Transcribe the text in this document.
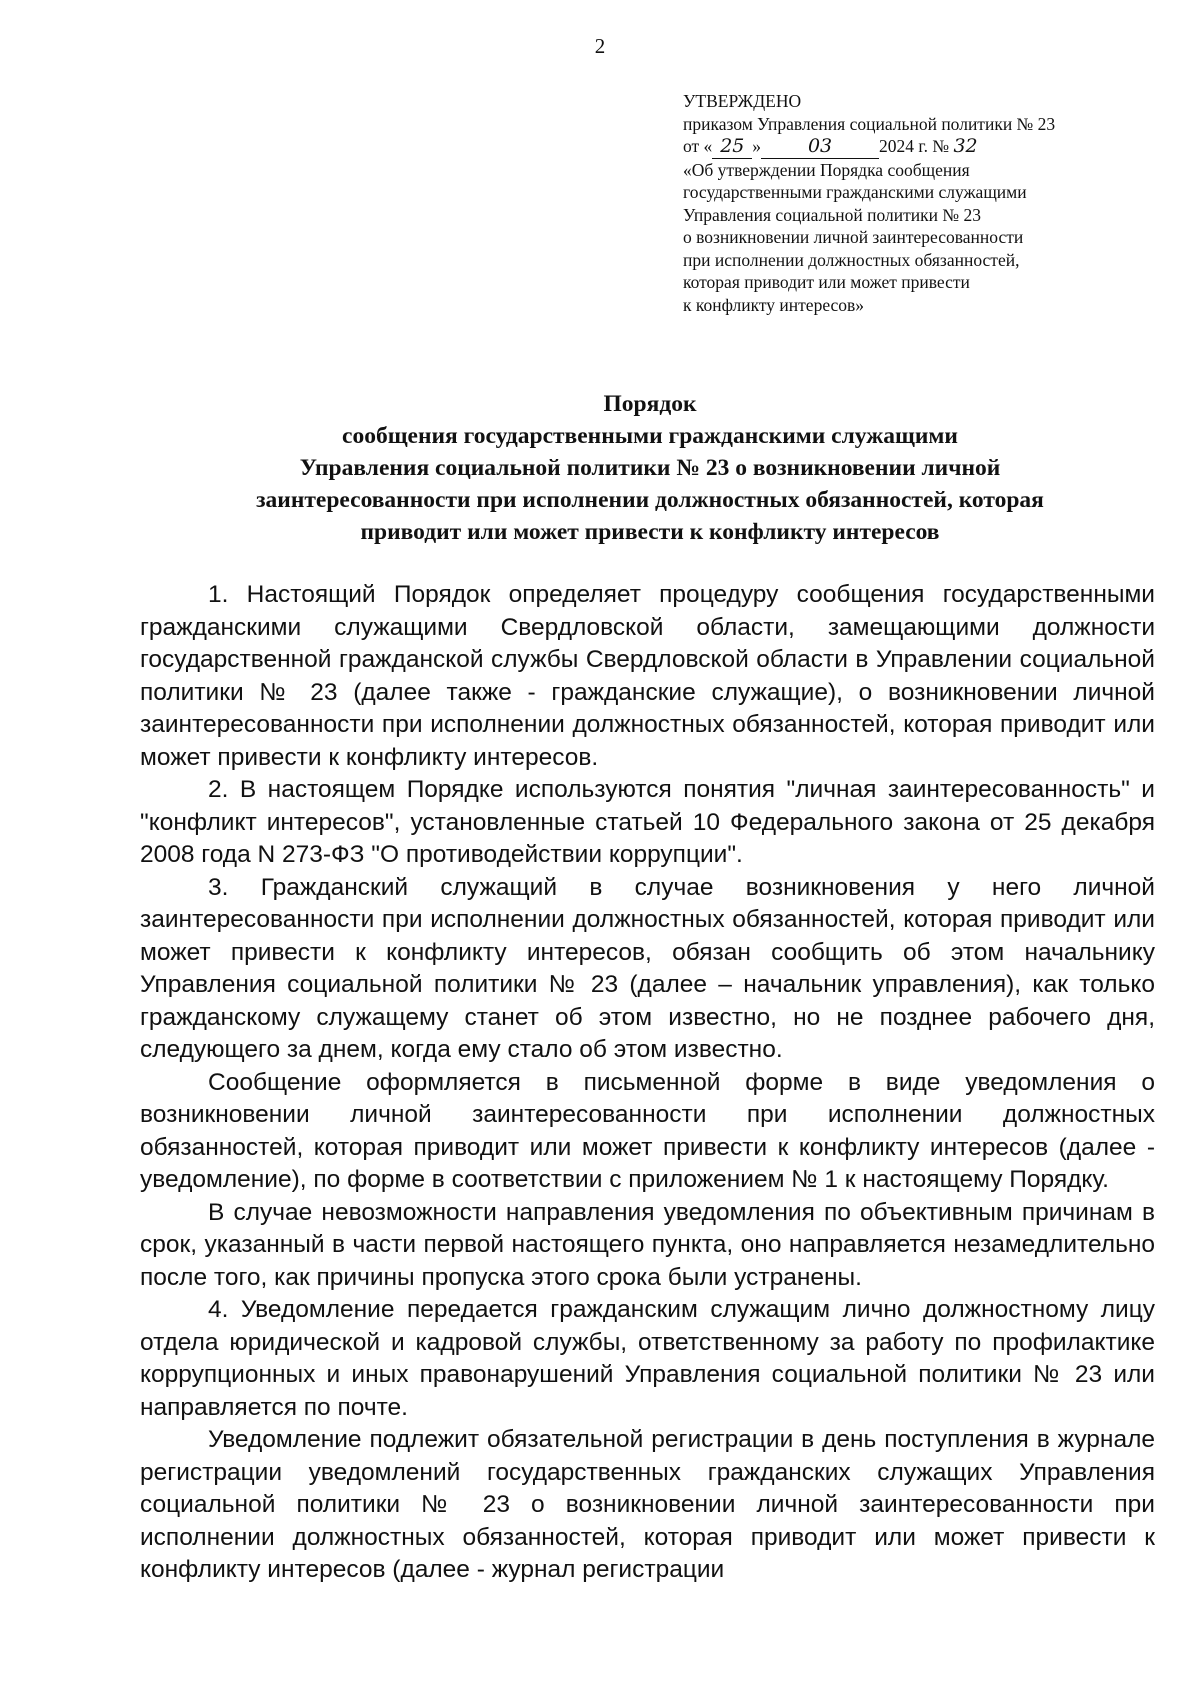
2
УТВЕРЖДЕНО
приказом Управления социальной политики № 23
от « 25 » 03	2024 г. № 32
«Об утверждении Порядка сообщения
государственными гражданскими служащими
Управления социальной политики № 23
о возникновении личной заинтересованности
при исполнении должностных обязанностей,
которая приводит или может привести
к конфликту интересов»
Порядок
сообщения государственными гражданскими служащими
Управления социальной политики № 23 о возникновении личной
заинтересованности при исполнении должностных обязанностей, которая
приводит или может привести к конфликту интересов

1. Настоящий Порядок определяет процедуру сообщения государственными гражданскими служащими Свердловской области, замещающими должности государственной гражданской службы Свердловской области в Управлении социальной политики № 23 (далее также - гражданские служащие), о возникновении личной заинтересованности при исполнении должностных обязанностей, которая приводит или может привести к конфликту интересов.

2. В настоящем Порядке используются понятия "личная заинтересованность" и "конфликт интересов", установленные статьей 10 Федерального закона от 25 декабря 2008 года N 273-ФЗ "О противодействии коррупции".

3. Гражданский служащий в случае возникновения у него личной заинтересованности при исполнении должностных обязанностей, которая приводит или может привести к конфликту интересов, обязан сообщить об этом начальнику Управления социальной политики № 23 (далее – начальник управления), как только гражданскому служащему станет об этом известно, но не позднее рабочего дня, следующего за днем, когда ему стало об этом известно.

Сообщение оформляется в письменной форме в виде уведомления о возникновении личной заинтересованности при исполнении должностных обязанностей, которая приводит или может привести к конфликту интересов (далее - уведомление), по форме в соответствии с приложением № 1 к настоящему Порядку.

В случае невозможности направления уведомления по объективным причинам в срок, указанный в части первой настоящего пункта, оно направляется незамедлительно после того, как причины пропуска этого срока были устранены.

4. Уведомление передается гражданским служащим лично должностному лицу отдела юридической и кадровой службы, ответственному за работу по профилактике коррупционных и иных правонарушений Управления социальной политики № 23 или направляется по почте.

Уведомление подлежит обязательной регистрации в день поступления в журнале регистрации уведомлений государственных гражданских служащих Управления социальной политики № 23 о возникновении личной заинтересованности при исполнении должностных обязанностей, которая приводит или может привести к конфликту интересов (далее - журнал регистрации
